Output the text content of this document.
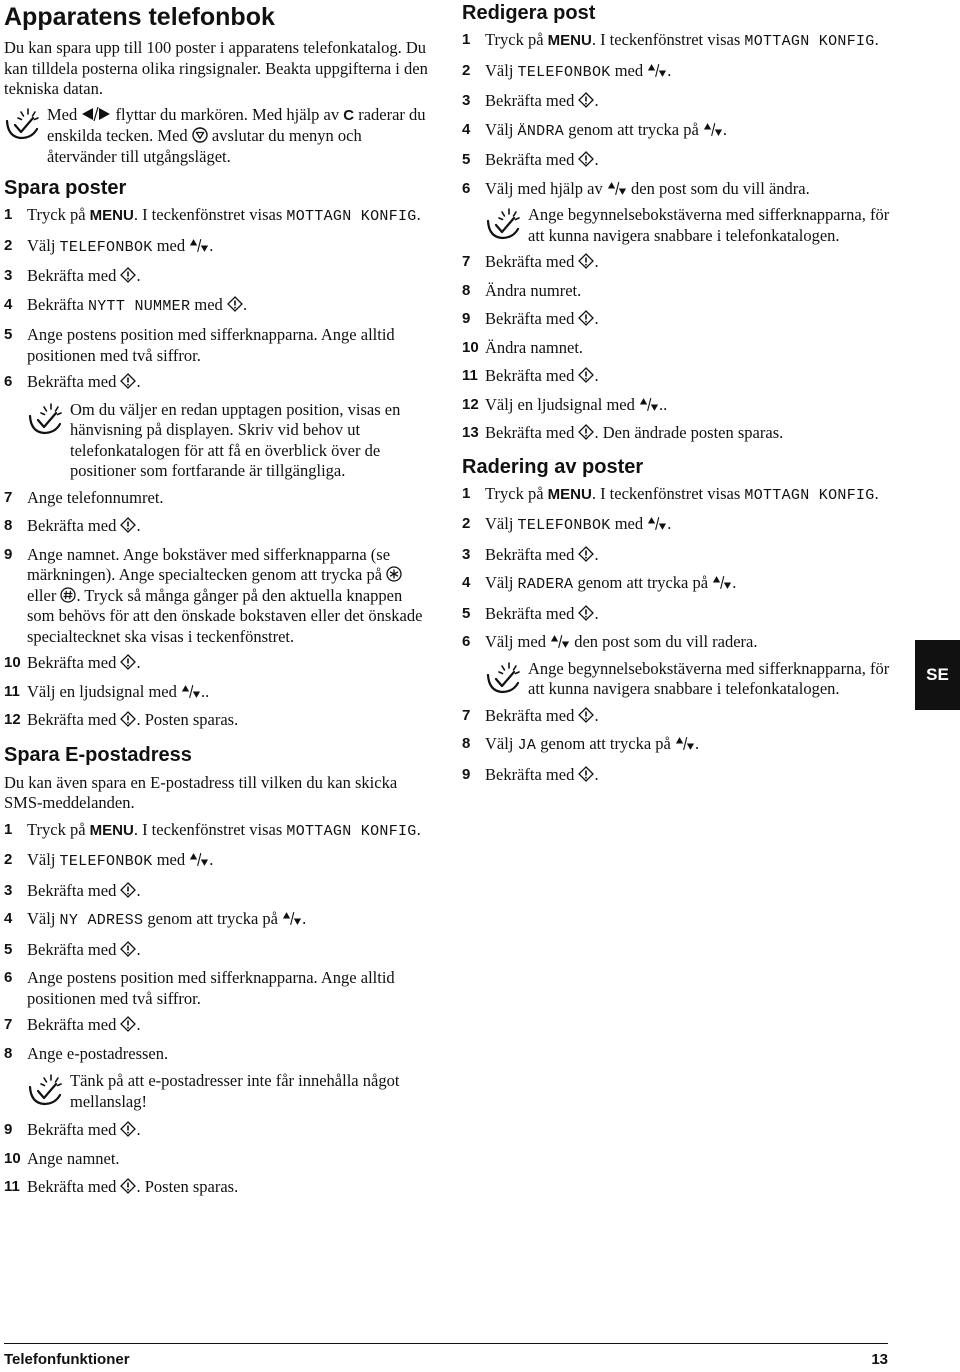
Apparatens telefonbok

Du kan spara upp till 100 poster i apparatens telefonkatalog. Du kan tilldela posterna olika ringsignaler. Beakta uppgifterna i den tekniska datan.

Med  flyttar du markören. Med hjälp av C raderar du enskilda tecken. Med  avslutar du menyn och återvänder till utgångsläget.
Spara poster
1 Tryck på MENU. I teckenfönstret visas MOTTAGN KONFIG.
2 Välj TELEFONBOK med .
3 Bekräfta med .
4 Bekräfta NYTT NUMMER med .
5 Ange postens position med sifferknapparna. Ange alltid positionen med två siffror.
6 Bekräfta med .
Om du väljer en redan upptagen position, visas en hänvisning på displayen. Skriv vid behov ut telefonkatalogen för att få en överblick över de positioner som fortfarande är tillgängliga.
7 Ange telefonnumret.
8 Bekräfta med .
9 Ange namnet. Ange bokstäver med sifferknapparna (se märkningen). Ange specialtecken genom att trycka på  eller . Tryck så många gånger på den aktuella knappen som behövs för att den önskade bokstaven eller det önskade specialtecknet ska visas i teckenfönstret.
10 Bekräfta med .
11 Välj en ljudsignal med ..
12 Bekräfta med . Posten sparas.
Spara E-postadress

Du kan även spara en E-postadress till vilken du kan skicka SMS-meddelanden.

1 Tryck på MENU. I teckenfönstret visas MOTTAGN KONFIG.
2 Välj TELEFONBOK med .
3 Bekräfta med .
4 Välj NY ADRESS genom att trycka på .
5 Bekräfta med .
6 Ange postens position med sifferknapparna. Ange alltid positionen med två siffror.
7 Bekräfta med .
8 Ange e-postadressen.
Tänk på att e-postadresser inte får innehålla något mellanslag!
9 Bekräfta med .
10 Ange namnet.
11 Bekräfta med . Posten sparas.
Redigera post
1 Tryck på MENU. I teckenfönstret visas MOTTAGN KONFIG.
2 Välj TELEFONBOK med .
3 Bekräfta med .
4 Välj ÄNDRA genom att trycka på .
5 Bekräfta med .
6 Välj med hjälp av  den post som du vill ändra.
Ange begynnelsebokstäverna med sifferknapparna, för att kunna navigera snabbare i telefonkatalogen.
7 Bekräfta med .
8 Ändra numret.
9 Bekräfta med .
10 Ändra namnet.
11 Bekräfta med .
12 Välj en ljudsignal med ..
13 Bekräfta med . Den ändrade posten sparas.
Radering av poster
1 Tryck på MENU. I teckenfönstret visas MOTTAGN KONFIG.
2 Välj TELEFONBOK med .
3 Bekräfta med .
4 Välj RADERA genom att trycka på .
5 Bekräfta med .
6 Välj med  den post som du vill radera.
Ange begynnelsebokstäverna med sifferknapparna, för att kunna navigera snabbare i telefonkatalogen.
7 Bekräfta med .
8 Välj JA genom att trycka på .
9 Bekräfta med .
SE
Telefonfunktioner	13
